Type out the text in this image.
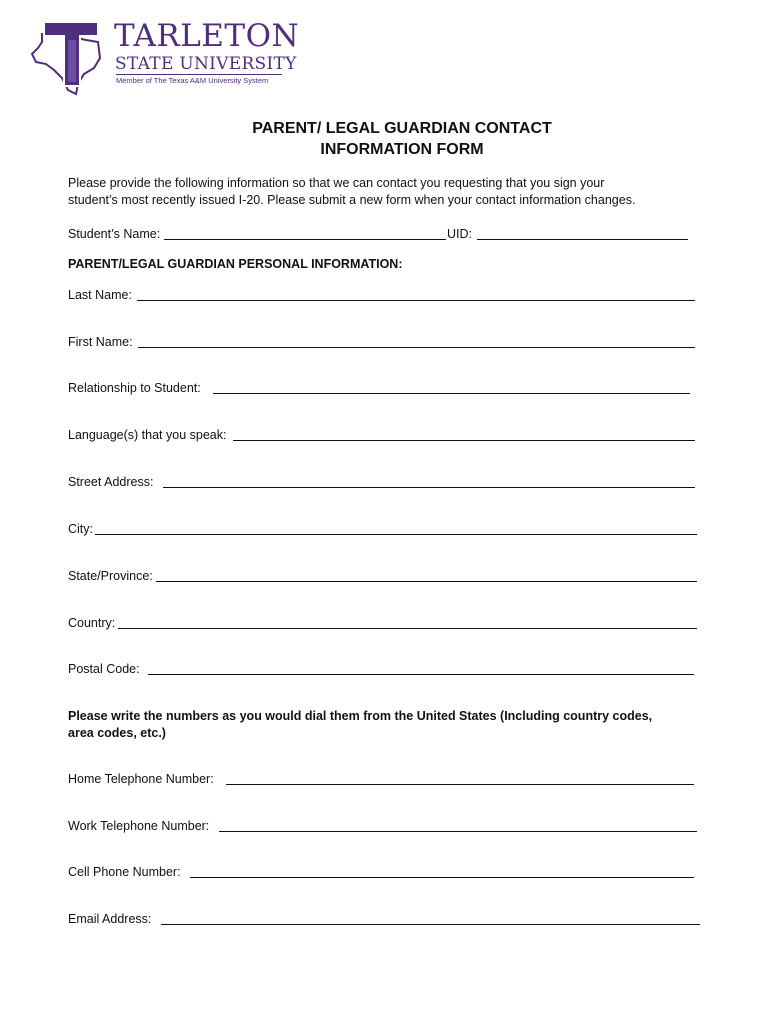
TARLETON
STATE UNIVERSITY
Member of The Texas A&M University System
PARENT/ LEGAL GUARDIAN CONTACT
INFORMATION FORM
Please provide the following information so that we can contact you requesting that you sign your
student’s most recently issued I-20. Please submit a new form when your contact information changes.
Student’s Name:	UID:
PARENT/LEGAL GUARDIAN PERSONAL INFORMATION:
Last Name:
First Name:
Relationship to Student:
Language(s) that you speak:
Street Address:
City:
State/Province:
Country:
Postal Code:
Please write the numbers as you would dial them from the United States (Including country codes,
area codes, etc.)
Home Telephone Number:
Work Telephone Number:
Cell Phone Number:
Email Address:
